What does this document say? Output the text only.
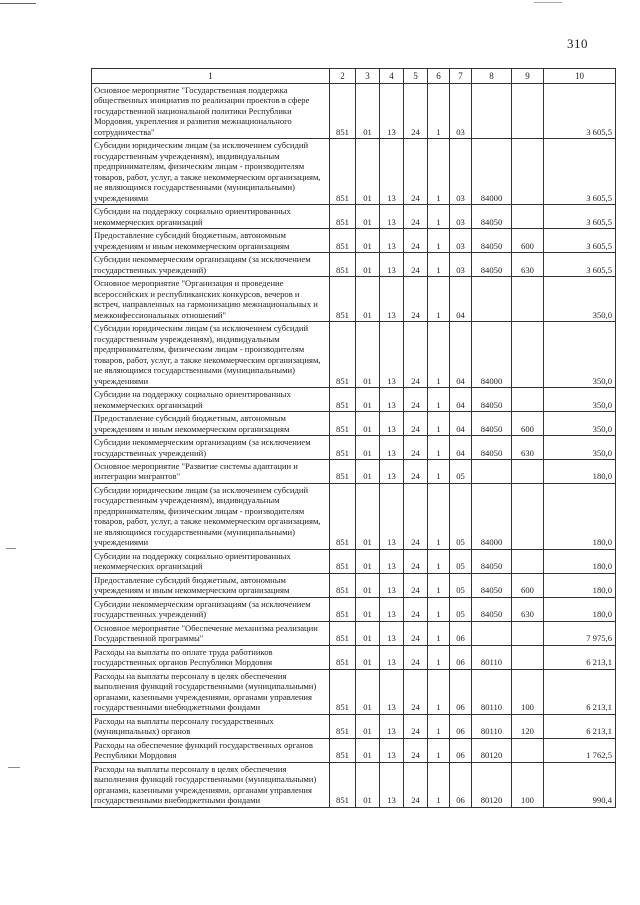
310
1	2	3	4	5	6	7	8	9	10
Основное мероприятие "Государственная поддержка общественных инициатив по реализации проектов в сфере государственной национальной политики Республики Мордовия, укрепления и развития межнационального сотрудничества"	851	01	13	24	1	03			3 605,5
Субсидии юридическим лицам (за исключением субсидий государственным учреждениям), индивидуальным предпринимателям, физическим лицам - производителям товаров, работ, услуг, а также некоммерческим организациям, не являющимся государственными (муниципальными) учреждениями	851	01	13	24	1	03	84000		3 605,5
Субсидии на поддержку социально ориентированных некоммерческих организаций	851	01	13	24	1	03	84050		3 605,5
Предоставление субсидий бюджетным, автономным учреждениям и иным некоммерческим организациям	851	01	13	24	1	03	84050	600	3 605,5
Субсидии некоммерческим организациям (за исключением государственных учреждений)	851	01	13	24	1	03	84050	630	3 605,5
Основное мероприятие "Организация и проведение всероссийских и республиканских конкурсов, вечеров и встреч, направленных на гармонизацию межнациональных и межконфессиональных отношений"	851	01	13	24	1	04			350,0
Субсидии юридическим лицам (за исключением субсидий государственным учреждениям), индивидуальным предпринимателям, физическим лицам - производителям товаров, работ, услуг, а также некоммерческим организациям, не являющимся государственными (муниципальными) учреждениями	851	01	13	24	1	04	84000		350,0
Субсидии на поддержку социально ориентированных некоммерческих организаций	851	01	13	24	1	04	84050		350,0
Предоставление субсидий бюджетным, автономным учреждениям и иным некоммерческим организациям	851	01	13	24	1	04	84050	600	350,0
Субсидии некоммерческим организациям (за исключением государственных учреждений)	851	01	13	24	1	04	84050	630	350,0
Основное мероприятие "Развитие системы адаптации и интеграции мигрантов"	851	01	13	24	1	05			180,0
Субсидии юридическим лицам (за исключением субсидий государственным учреждениям), индивидуальным предпринимателям, физическим лицам - производителям товаров, работ, услуг, а также некоммерческим организациям, не являющимся государственными (муниципальными) учреждениями	851	01	13	24	1	05	84000		180,0
Субсидии на поддержку социально ориентированных некоммерческих организаций	851	01	13	24	1	05	84050		180,0
Предоставление субсидий бюджетным, автономным учреждениям и иным некоммерческим организациям	851	01	13	24	1	05	84050	600	180,0
Субсидии некоммерческим организациям (за исключением государственных учреждений)	851	01	13	24	1	05	84050	630	180,0
Основное мероприятие "Обеспечение механизма реализации Государственной программы"	851	01	13	24	1	06			7 975,6
Расходы на выплаты по оплате труда работников государственных органов Республики Мордовия	851	01	13	24	1	06	80110		6 213,1
Расходы на выплаты персоналу в целях обеспечения выполнения функций государственными (муниципальными) органами, казенными учреждениями, органами управления государственными внебюджетными фондами	851	01	13	24	1	06	80110	100	6 213,1
Расходы на выплаты персоналу государственных (муниципальных) органов	851	01	13	24	1	06	80110	120	6 213,1
Расходы на обеспечение функций государственных органов Республики Мордовия	851	01	13	24	1	06	80120		1 762,5
Расходы на выплаты персоналу в целях обеспечения выполнения функций государственными (муниципальными) органами, казенными учреждениями, органами управления государственными внебюджетными фондами	851	01	13	24	1	06	80120	100	990,4
